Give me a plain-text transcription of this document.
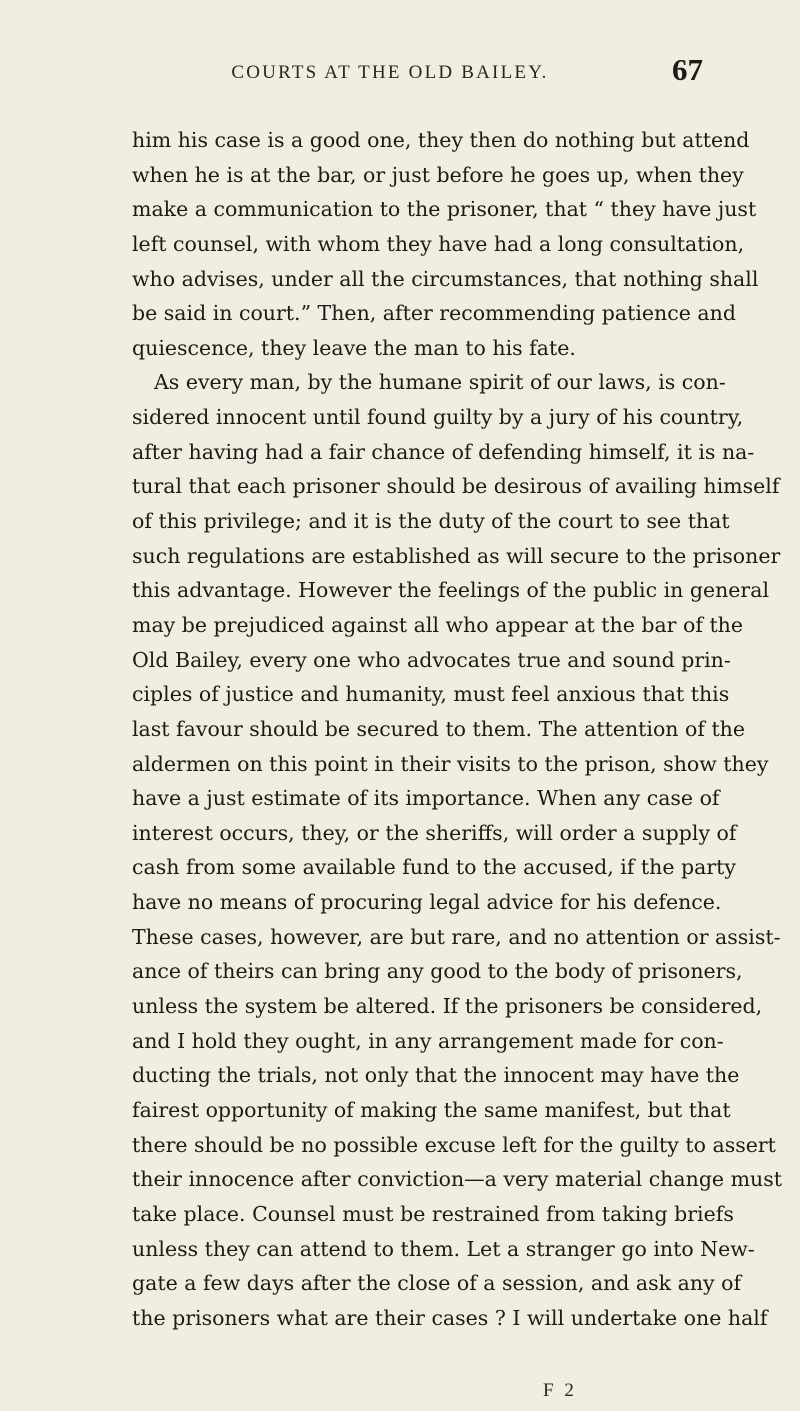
COURTS AT THE OLD BAILEY.	67
him his case is a good one, they then do nothing but attend
when he is at the bar, or just before he goes up, when they
make a communication to the prisoner, that “ they have just
left counsel, with whom they have had a long consultation,
who advises, under all the circumstances, that nothing shall
be said in court.” Then, after recommending patience and
quiescence, they leave the man to his fate.
As every man, by the humane spirit of our laws, is con-
sidered innocent until found guilty by a jury of his country,
after having had a fair chance of defending himself, it is na-
tural that each prisoner should be desirous of availing himself
of this privilege; and it is the duty of the court to see that
such regulations are established as will secure to the prisoner
this advantage. However the feelings of the public in general
may be prejudiced against all who appear at the bar of the
Old Bailey, every one who advocates true and sound prin-
ciples of justice and humanity, must feel anxious that this
last favour should be secured to them. The attention of the
aldermen on this point in their visits to the prison, show they
have a just estimate of its importance. When any case of
interest occurs, they, or the sheriffs, will order a supply of
cash from some available fund to the accused, if the party
have no means of procuring legal advice for his defence.
These cases, however, are but rare, and no attention or assist-
ance of theirs can bring any good to the body of prisoners,
unless the system be altered. If the prisoners be considered,
and I hold they ought, in any arrangement made for con-
ducting the trials, not only that the innocent may have the
fairest opportunity of making the same manifest, but that
there should be no possible excuse left for the guilty to assert
their innocence after conviction—a very material change must
take place. Counsel must be restrained from taking briefs
unless they can attend to them. Let a stranger go into New-
gate a few days after the close of a session, and ask any of
the prisoners what are their cases ? I will undertake one half
F 2
